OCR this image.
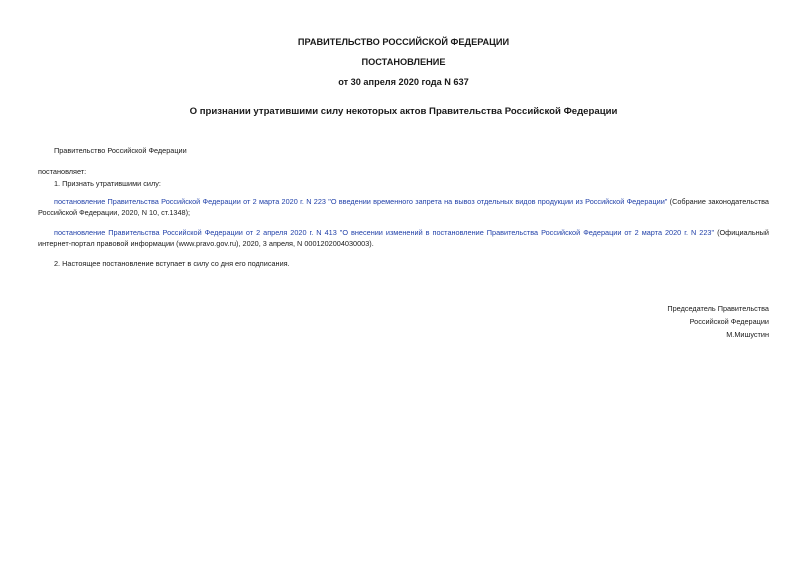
ПРАВИТЕЛЬСТВО РОССИЙСКОЙ ФЕДЕРАЦИИ
ПОСТАНОВЛЕНИЕ
от 30 апреля 2020 года N 637
О признании утратившими силу некоторых актов Правительства Российской Федерации
Правительство Российской Федерации
постановляет:
1. Признать утратившими силу:
постановление Правительства Российской Федерации от 2 марта 2020 г. N 223 "О введении временного запрета на вывоз отдельных видов продукции из Российской Федерации" (Собрание законодательства Российской Федерации, 2020, N 10, ст.1348);
постановление Правительства Российской Федерации от 2 апреля 2020 г. N 413 "О внесении изменений в постановление Правительства Российской Федерации от 2 марта 2020 г. N 223" (Официальный интернет-портал правовой информации (www.pravo.gov.ru), 2020, 3 апреля, N 0001202004030003).
2. Настоящее постановление вступает в силу со дня его подписания.
Председатель Правительства
Российской Федерации
М.Мишустин
